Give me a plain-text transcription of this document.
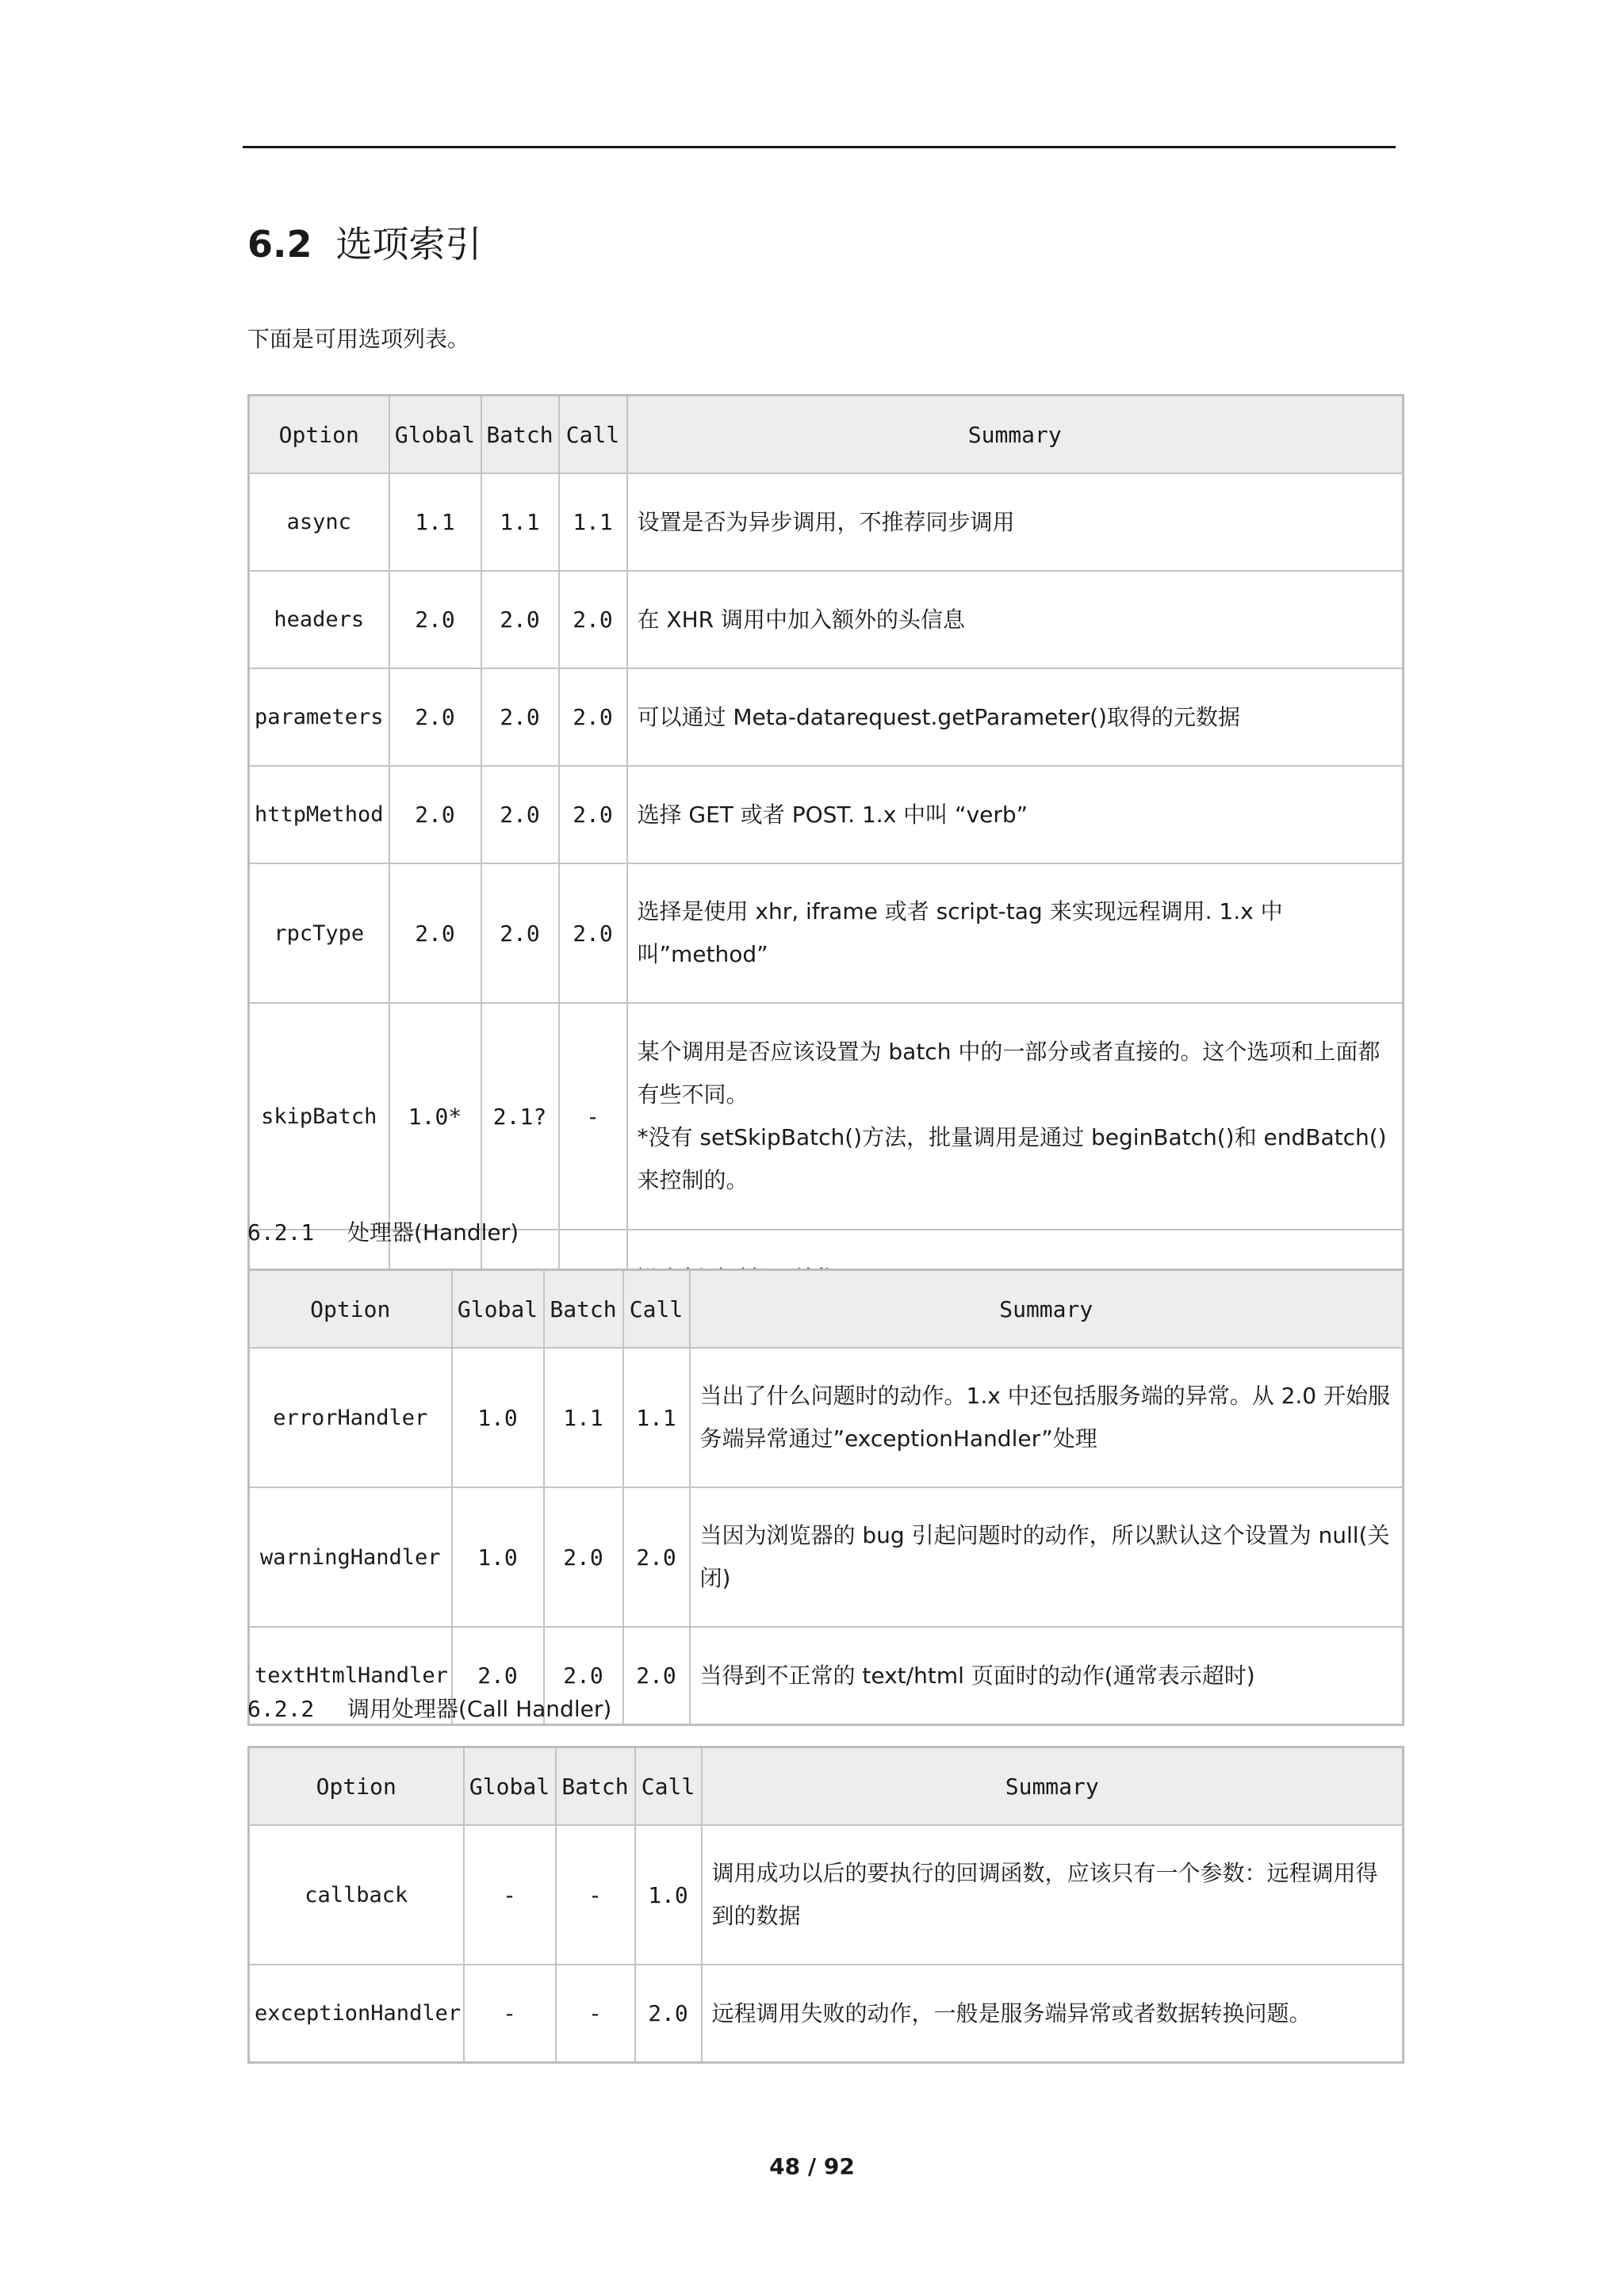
6.2 选项索引
下面是可用选项列表。
Option	Global	Batch	Call	Summary
async	1.1	1.1	1.1	设置是否为异步调用，不推荐同步调用
headers	2.0	2.0	2.0	在 XHR 调用中加入额外的头信息
parameters	2.0	2.0	2.0	可以通过 Meta-datarequest.getParameter()取得的元数据
httpMethod	2.0	2.0	2.0	选择 GET 或者 POST. 1.x 中叫 “verb”
rpcType	2.0	2.0	2.0	选择是使用 xhr, iframe 或者 script-tag 来实现远程调用. 1.x 中叫”method”
skipBatch	1.0*	2.1?	-	某个调用是否应该设置为 batch 中的一部分或者直接的。这个选项和上面都有些不同。
*没有 setSkipBatch()方法，批量调用是通过 beginBatch()和 endBatch()来控制的。

6.2.1 处理器(Handler)
Option	Global	Batch	Call	Summary
errorHandler	1.0	1.1	1.1	当出了什么问题时的动作。1.x 中还包括服务端的异常。从 2.0 开始服务端异常通过”exceptionHandler”处理
warningHandler	1.0	2.0	2.0	当因为浏览器的 bug 引起问题时的动作，所以默认这个设置为 null(关闭)
textHtmlHandler	2.0	2.0	2.0	当得到不正常的 text/html 页面时的动作(通常表示超时)
6.2.2 调用处理器(Call Handler)
Option	Global	Batch	Call	Summary
callback	-	-	1.0	调用成功以后的要执行的回调函数，应该只有一个参数：远程调用得到的数据
exceptionHandler	-	-	2.0	远程调用失败的动作，一般是服务端异常或者数据转换问题。
48 / 92
